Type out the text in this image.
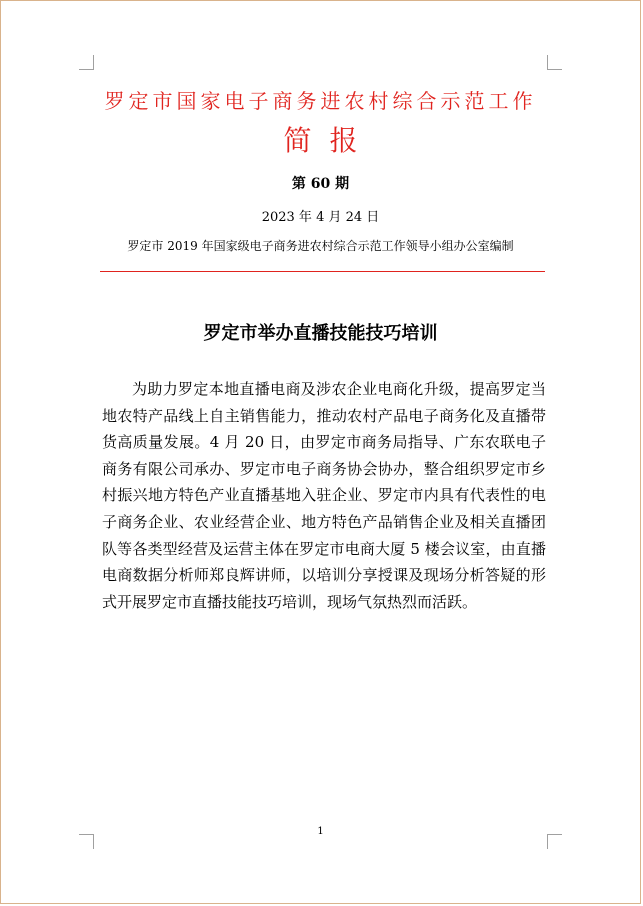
罗定市国家电子商务进农村综合示范工作
简报
第 60 期
2023 年 4 月 24 日
罗定市 2019 年国家级电子商务进农村综合示范工作领导小组办公室编制
罗定市举办直播技能技巧培训

为助力罗定本地直播电商及涉农企业电商化升级，提高罗定当地农特产品线上自主销售能力，推动农村产品电子商务化及直播带货高质量发展。4 月 20 日，由罗定市商务局指导、广东农联电子商务有限公司承办、罗定市电子商务协会协办，整合组织罗定市乡村振兴地方特色产业直播基地入驻企业、罗定市内具有代表性的电子商务企业、农业经营企业、地方特色产品销售企业及相关直播团队等各类型经营及运营主体在罗定市电商大厦 5 楼会议室，由直播电商数据分析师郑良辉讲师，以培训分享授课及现场分析答疑的形式开展罗定市直播技能技巧培训，现场气氛热烈而活跃。

1
